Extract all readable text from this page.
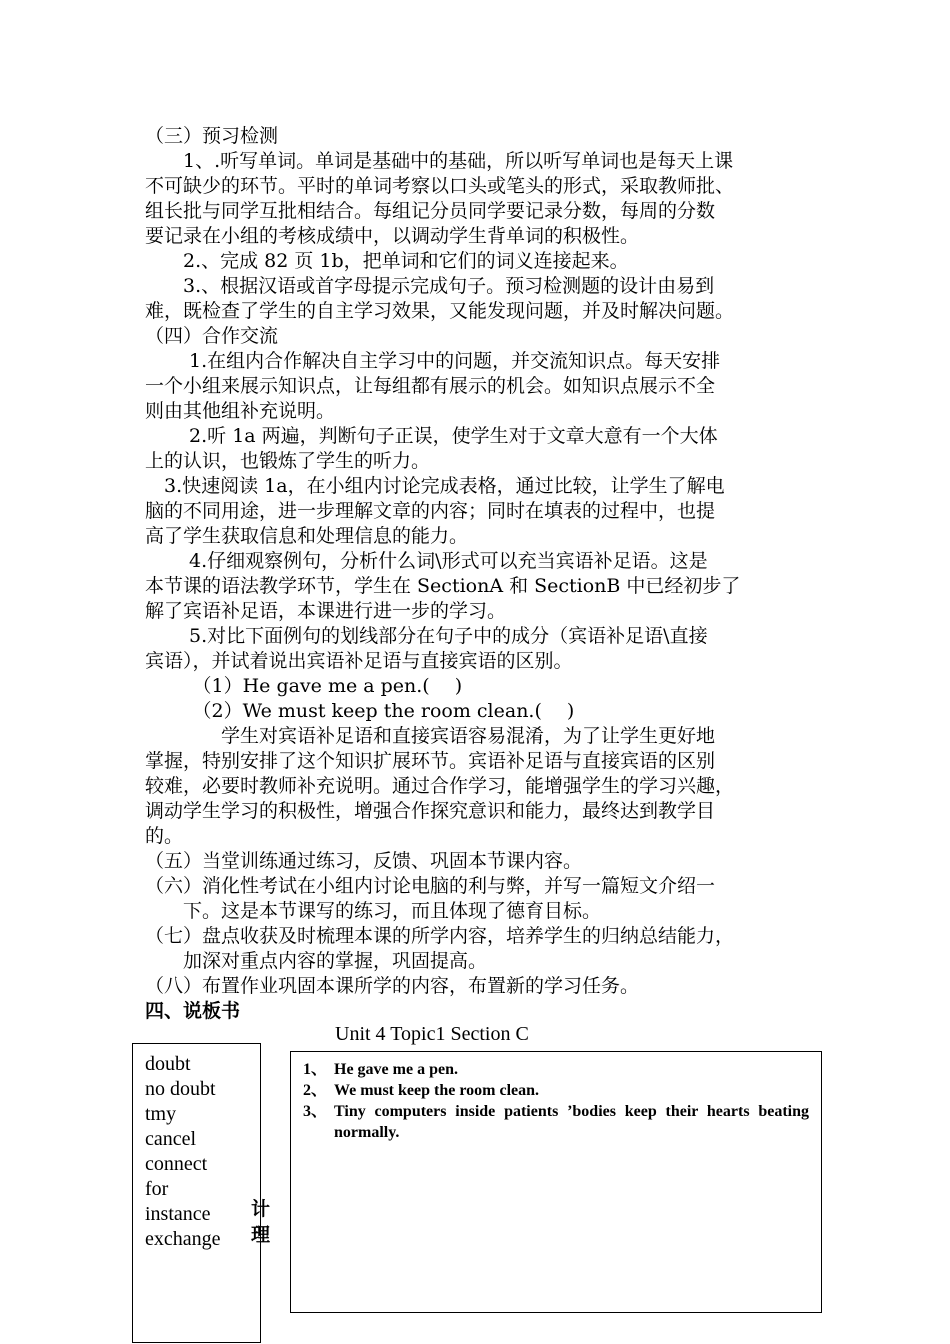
（三）预习检测
　　1、.听写单词。单词是基础中的基础，所以听写单词也是每天上课
不可缺少的环节。平时的单词考察以口头或笔头的形式，采取教师批、
组长批与同学互批相结合。每组记分员同学要记录分数，每周的分数
要记录在小组的考核成绩中，以调动学生背单词的积极性。
　　2.、完成 82 页 1b，把单词和它们的词义连接起来。
　　3.、根据汉语或首字母提示完成句子。预习检测题的设计由易到
难，既检查了学生的自主学习效果，又能发现问题，并及时解决问题。
（四）合作交流
　　 1.在组内合作解决自主学习中的问题，并交流知识点。每天安排
一个小组来展示知识点，让每组都有展示的机会。如知识点展示不全
则由其他组补充说明。
　　 2.听 1a 两遍，判断句子正误，使学生对于文章大意有一个大体
上的认识，也锻炼了学生的听力。
　3.快速阅读 1a，在小组内讨论完成表格，通过比较，让学生了解电
脑的不同用途，进一步理解文章的内容；同时在填表的过程中，也提
高了学生获取信息和处理信息的能力。
　　 4.仔细观察例句，分析什么词\形式可以充当宾语补足语。这是
本节课的语法教学环节，学生在 SectionA 和 SectionB 中已经初步了
解了宾语补足语，本课进行进一步的学习。
　　 5.对比下面例句的划线部分在句子中的成分（宾语补足语\直接
宾语），并试着说出宾语补足语与直接宾语的区别。
　　　（1）He gave me a pen.(　 )
　　　（2）We must keep the room clean.(　 )
　　　　学生对宾语补足语和直接宾语容易混淆，为了让学生更好地
掌握，特别安排了这个知识扩展环节。宾语补足语与直接宾语的区别
较难，必要时教师补充说明。通过合作学习，能增强学生的学习兴趣，
调动学生学习的积极性，增强合作探究意识和能力，最终达到教学目
的。
（五）当堂训练通过练习，反馈、巩固本节课内容。
（六）消化性考试在小组内讨论电脑的利与弊，并写一篇短文介绍一
　　下。这是本节课写的练习，而且体现了德育目标。
（七）盘点收获及时梳理本课的所学内容，培养学生的归纳总结能力，
　　加深对重点内容的掌握，巩固提高。
（八）布置作业巩固本课所学的内容，布置新的学习任务。
四、说板书
Unit 4 Topic1 Section C
doubt
no doubt
tmy
cancel
connect
for
instance
exchange
计理
1、 He gave me a pen.
2、 We must keep the room clean.
3、 Tiny computers inside patients ’bodies keep their hearts beating normally.
